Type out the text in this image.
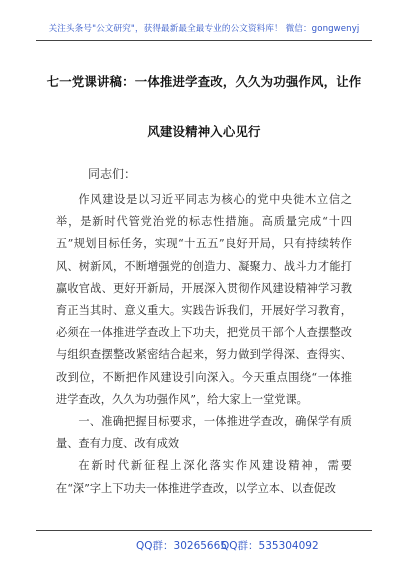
关注头条号"公文研究"，获得最新最全最专业的公文资料库！ 微信：gongwenyj
七一党课讲稿：一体推进学查改，久久为功强作风，让作
风建设精神入心见行
同志们：

作风建设是以习近平同志为核心的党中央徙木立信之举，是新时代管党治党的标志性措施。高质量完成“十四五”规划目标任务，实现“十五五”良好开局，只有持续转作风、树新风，不断增强党的创造力、凝聚力、战斗力才能打赢收官战、更好开新局，开展深入贯彻作风建设精神学习教育正当其时、意义重大。实践告诉我们，开展好学习教育，必须在一体推进学查改上下功夫，把党员干部个人查摆整改与组织查摆整改紧密结合起来，努力做到学得深、查得实、改到位，不断把作风建设引向深入。今天重点围绕“一体推进学查改，久久为功强作风”，给大家上一堂党课。

一、准确把握目标要求，一体推进学查改，确保学有质量、查有力度、改有成效

在新时代新征程上深化落实作风建设精神，需要在“深”字上下功夫一体推进学查改，以学立本、以查促改

QQ群：30265665
QQ群：535304092
